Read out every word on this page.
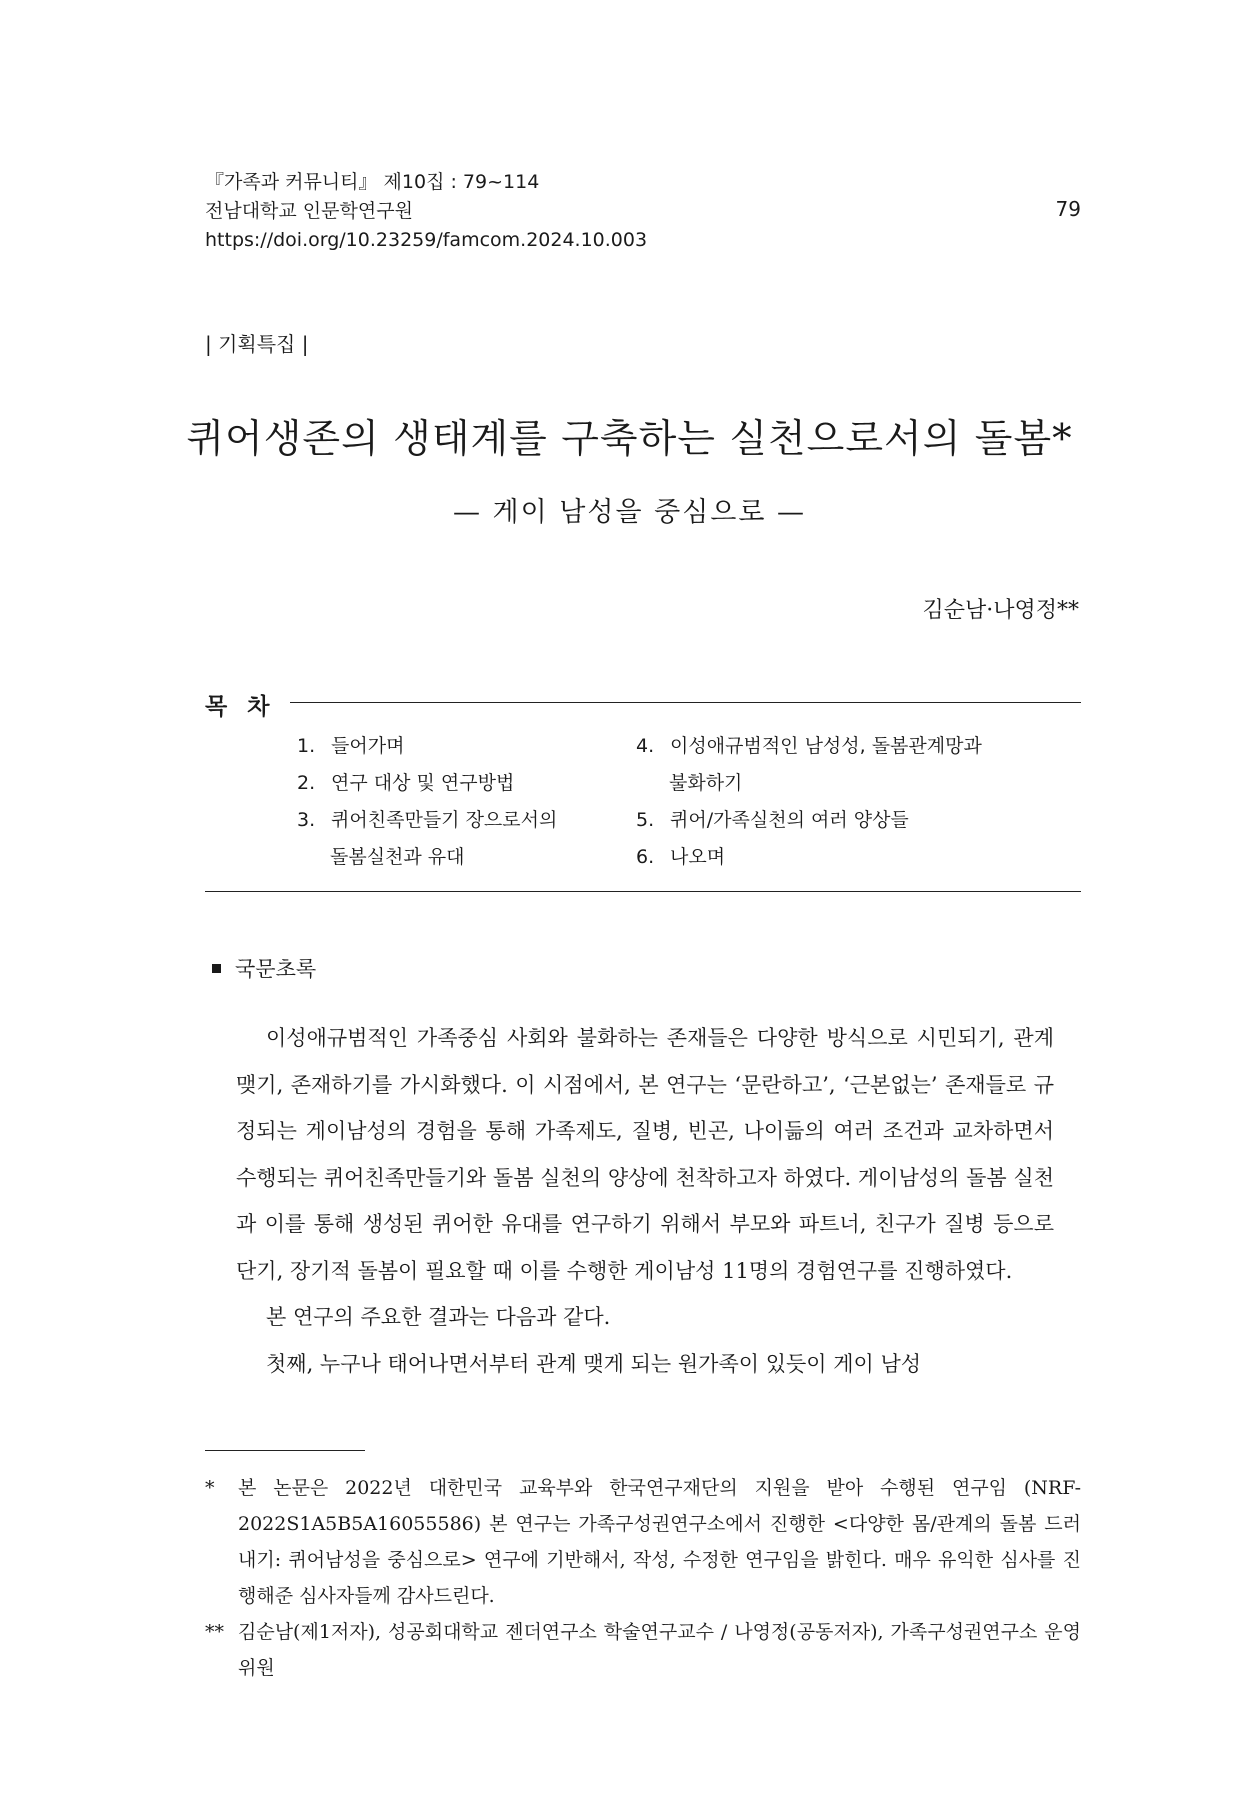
『가족과 커뮤니티』 제10집 : 79~114
전남대학교 인문학연구원
https://doi.org/10.23259/famcom.2024.10.003
79
| 기획특집 |
퀴어생존의 생태계를 구축하는 실천으로서의 돌봄*
— 게이 남성을 중심으로 —
김순남·나영정**
목 차
1. 들어가며
2. 연구 대상 및 연구방법
3. 퀴어친족만들기 장으로서의
돌봄실천과 유대
4. 이성애규범적인 남성성, 돌봄관계망과
불화하기
5. 퀴어/가족실천의 여러 양상들
6. 나오며
국문초록

이성애규범적인 가족중심 사회와 불화하는 존재들은 다양한 방식으로 시민되기, 관계맺기, 존재하기를 가시화했다. 이 시점에서, 본 연구는 ‘문란하고’, ‘근본없는’ 존재들로 규정되는 게이남성의 경험을 통해 가족제도, 질병, 빈곤, 나이듦의 여러 조건과 교차하면서 수행되는 퀴어친족만들기와 돌봄 실천의 양상에 천착하고자 하였다. 게이남성의 돌봄 실천과 이를 통해 생성된 퀴어한 유대를 연구하기 위해서 부모와 파트너, 친구가 질병 등으로 단기, 장기적 돌봄이 필요할 때 이를 수행한 게이남성 11명의 경험연구를 진행하였다.

본 연구의 주요한 결과는 다음과 같다.

첫째, 누구나 태어나면서부터 관계 맺게 되는 원가족이 있듯이 게이 남성

*	본 논문은 2022년 대한민국 교육부와 한국연구재단의 지원을 받아 수행된 연구임 (NRF-2022S1A5B5A16055586) 본 연구는 가족구성권연구소에서 진행한 <다양한 몸/관계의 돌봄 드러내기: 퀴어남성을 중심으로> 연구에 기반해서, 작성, 수정한 연구임을 밝힌다. 매우 유익한 심사를 진행해준 심사자들께 감사드린다.
** 김순남(제1저자), 성공회대학교 젠더연구소 학술연구교수 / 나영정(공동저자), 가족구성권연구소 운영위원
